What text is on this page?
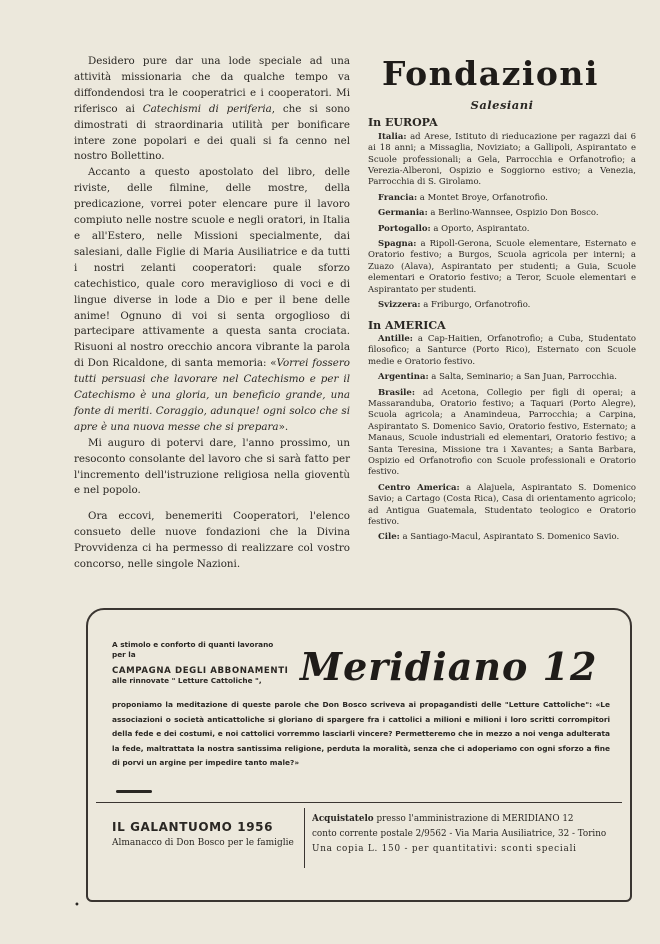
Desidero pure dar una lode speciale ad una attività missionaria che da qualche tempo va diffondendosi tra le cooperatrici e i cooperatori. Mi riferisco ai Catechismi di periferia, che si sono dimostrati di straordinaria utilità per bonificare intere zone popolari e dei quali si fa cenno nel nostro Bollettino.

Accanto a questo apostolato del libro, delle riviste, delle filmine, delle mostre, della predicazione, vorrei poter elencare pure il lavoro compiuto nelle nostre scuole e negli oratori, in Italia e all'Estero, nelle Missioni specialmente, dai salesiani, dalle Figlie di Maria Ausiliatrice e da tutti i nostri zelanti cooperatori: quale sforzo catechistico, quale coro meraviglioso di voci e di lingue diverse in lode a Dio e per il bene delle anime! Ognuno di voi si senta orgoglioso di partecipare attivamente a questa santa crociata. Risuoni al nostro orecchio ancora vibrante la parola di Don Ricaldone, di santa memoria: «Vorrei fossero tutti persuasi che lavorare nel Catechismo e per il Catechismo è una gloria, un beneficio grande, una fonte di meriti. Coraggio, adunque! ogni solco che si apre è una nuova messe che si prepara».

Mi auguro di potervi dare, l'anno prossimo, un resoconto consolante del lavoro che si sarà fatto per l'incremento dell'istruzione religiosa nella gioventù e nel popolo.

Ora eccovi, benemeriti Cooperatori, l'elenco consueto delle nuove fondazioni che la Divina Provvidenza ci ha permesso di realizzare col vostro concorso, nelle singole Nazioni.

Fondazioni
Salesiani
In EUROPA

Italia: ad Arese, Istituto di rieducazione per ragazzi dai 6 ai 18 anni; a Missaglia, Noviziato; a Gallipoli, Aspirantato e Scuole professionali; a Gela, Parrocchia e Orfanotrofio; a Verezia-Alberoni, Ospizio e Soggiorno estivo; a Venezia, Parrocchia di S. Girolamo.

Francia: a Montet Broye, Orfanotrofio.

Germania: a Berlino-Wannsee, Ospizio Don Bosco.

Portogallo: a Oporto, Aspirantato.

Spagna: a Ripoll-Gerona, Scuole elementare, Esternato e Oratorio festivo; a Burgos, Scuola agricola per interni; a Zuazo (Alava), Aspirantato per studenti; a Guia, Scuole elementari e Oratorio festivo; a Teror, Scuole elementari e Aspirantato per studenti.

Svizzera: a Friburgo, Orfanotrofio.

In AMERICA

Antille: a Cap-Haitien, Orfanotrofio; a Cuba, Studentato filosofico; a Santurce (Porto Rico), Esternato con Scuole medie e Oratorio festivo.

Argentina: a Salta, Seminario; a San Juan, Parrocchia.

Brasile: ad Acetona, Collegio per figli di operai; a Massaranduba, Oratorio festivo; a Taquari (Porto Alegre), Scuola agricola; a Anamindeua, Parrocchia; a Carpina, Aspirantato S. Domenico Savio, Oratorio festivo, Esternato; a Manaus, Scuole industriali ed elementari, Oratorio festivo; a Santa Teresina, Missione tra i Xavantes; a Santa Barbara, Ospizio ed Orfanotrofio con Scuole professionali e Oratorio festivo.

Centro America: a Alajuela, Aspirantato S. Domenico Savio; a Cartago (Costa Rica), Casa di orientamento agricolo; ad Antigua Guatemala, Studentato teologico e Oratorio festivo.

Cile: a Santiago-Macul, Aspirantato S. Domenico Savio.

A stimolo e conforto di quanti lavorano
per la
CAMPAGNA DEGLI ABBONAMENTI
alle rinnovate " Letture Cattoliche ",	Meridiano 12
proponiamo la meditazione di queste parole che Don Bosco scriveva ai propagandisti delle "Letture Cattoliche": «Le associazioni o società anticattoliche si gloriano di spargere fra i cattolici a milioni e milioni i loro scritti corrompitori della fede e dei costumi, e noi cattolici vorremmo lasciarli vincere? Permetteremo che in mezzo a noi venga adulterata la fede, maltrattata la nostra santissima religione, perduta la moralità, senza che ci adoperiamo con ogni sforzo a fine di porvi un argine per impedire tanto male?»
IL GALANTUOMO 1956
Almanacco di Don Bosco per le famiglie
Acquistatelo presso l'amministrazione di MERIDIANO 12
conto corrente postale 2/9562 - Via Maria Ausiliatrice, 32 - Torino
Una copia L. 150 - per quantitativi: sconti speciali
•
